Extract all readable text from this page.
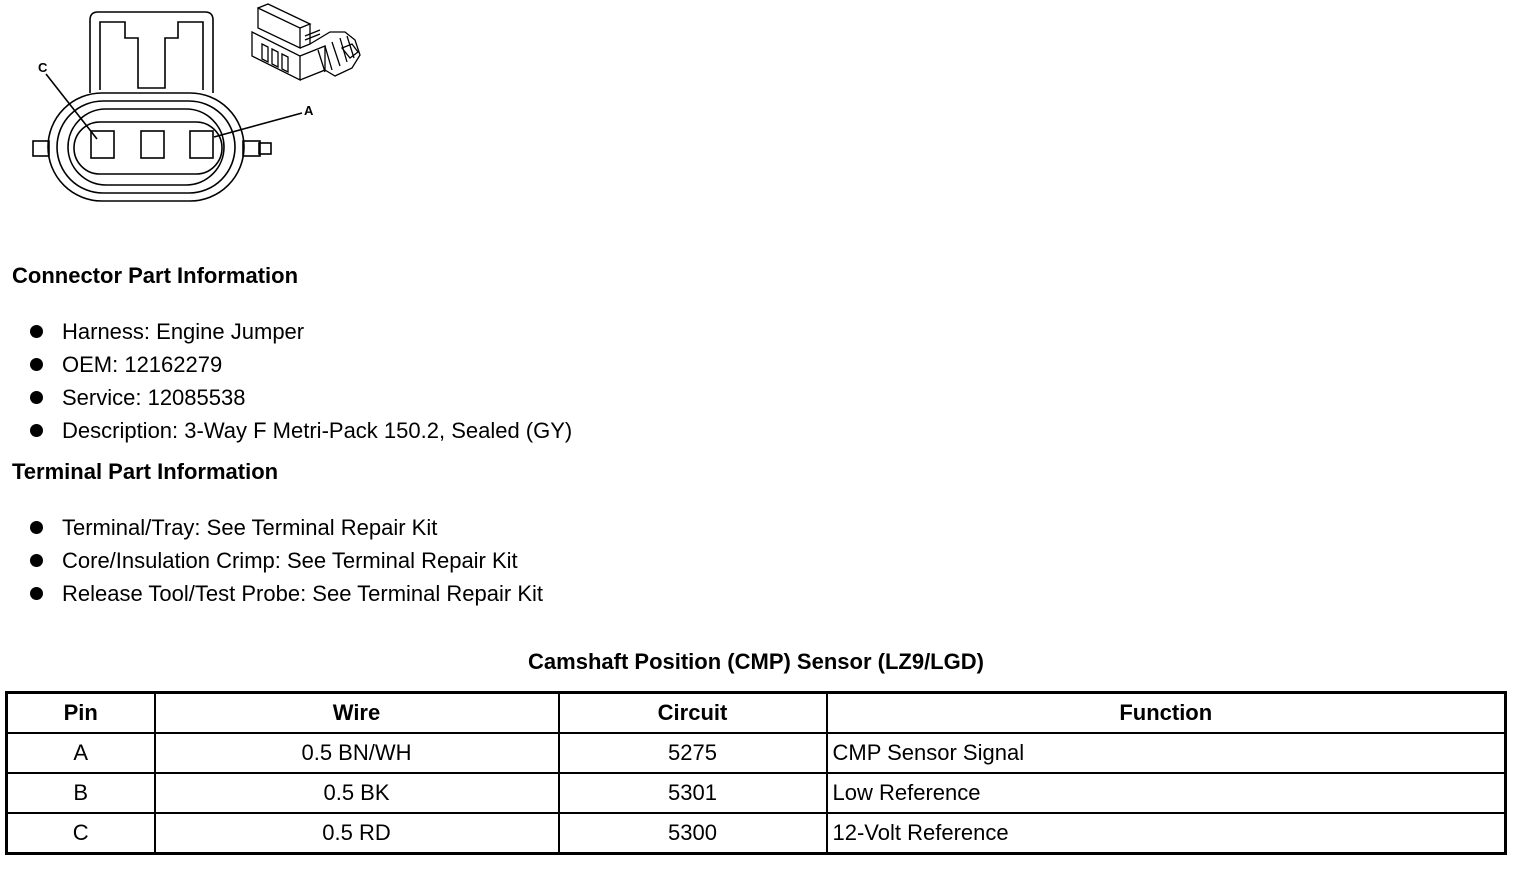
C
A
Connector Part Information
Harness: Engine Jumper
OEM: 12162279
Service: 12085538
Description: 3-Way F Metri-Pack 150.2, Sealed (GY)
Terminal Part Information
Terminal/Tray: See Terminal Repair Kit
Core/Insulation Crimp: See Terminal Repair Kit
Release Tool/Test Probe: See Terminal Repair Kit
Camshaft Position (CMP) Sensor (LZ9/LGD)
Pin	Wire	Circuit	Function
A	0.5 BN/WH	5275	CMP Sensor Signal
B	0.5 BK	5301	Low Reference
C	0.5 RD	5300	12-Volt Reference
